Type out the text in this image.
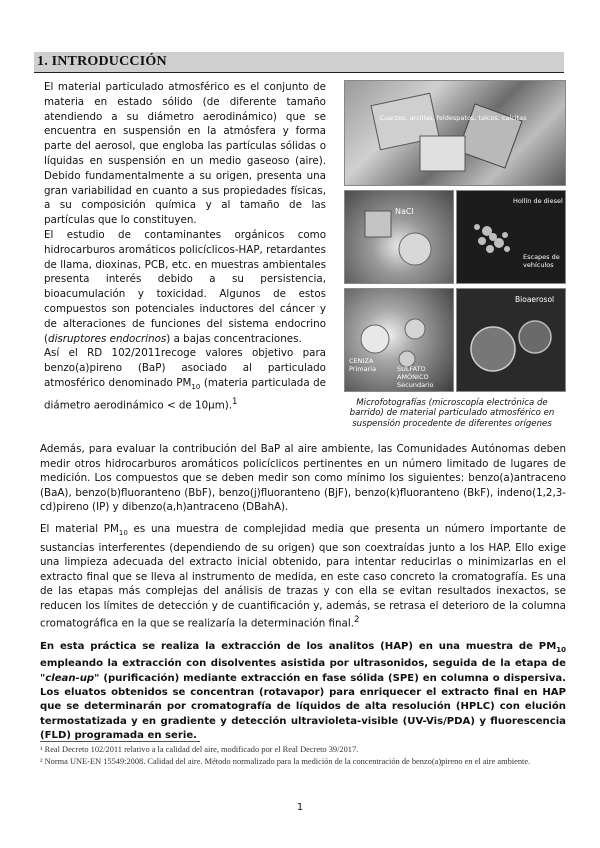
1. INTRODUCCIÓN

El material particulado atmosférico es el conjunto de materia en estado sólido (de diferente tamaño atendiendo a su diámetro aerodinámico) que se encuentra en suspensión en la atmósfera y forma parte del aerosol, que engloba las partículas sólidas o líquidas en suspensión en un medio gaseoso (aire). Debido fundamentalmente a su origen, presenta una gran variabilidad en cuanto a sus propiedades físicas, a su composición química y al tamaño de las partículas que lo constituyen.

El estudio de contaminantes orgánicos como hidrocarburos aromáticos policíclicos-HAP, retardantes de llama, dioxinas, PCB, etc. en muestras ambientales presenta interés debido a su persistencia, bioacumulación y toxicidad. Algunos de estos compuestos son potenciales inductores del cáncer y de alteraciones de funciones del sistema endocrino (disruptores endocrinos) a bajas concentraciones.

Así el RD 102/2011recoge valores objetivo para benzo(a)pireno (BaP) asociado al particulado atmosférico denominado $PM_{10}$ (materia particulada de diámetro aerodinámico < de 10μm).$^1$

Cuarzos, arcillas, feldespatos, talcos, calcitas
NaCl
Hollín de diesel
Escapes de vehículos
CENIZA Primaria	SULFATO AMÓNICO Secundario
Bioaerosol
Microfotografías (microscopía electrónica de barrido) de material particulado atmosférico en suspensión procedente de diferentes orígenes
Además, para evaluar la contribución del BaP al aire ambiente, las Comunidades Autónomas deben medir otros hidrocarburos aromáticos policíclicos pertinentes en un número limitado de lugares de medición. Los compuestos que se deben medir son como mínimo los siguientes: benzo(a)antraceno (BaA), benzo(b)fluoranteno (BbF), benzo(j)fluoranteno (BjF), benzo(k)fluoranteno (BkF), indeno(1,2,3-cd)pireno (IP) y dibenzo(a,h)antraceno (DBahA).

El material $PM_{10}$ es una muestra de complejidad media que presenta un número importante de sustancias interferentes (dependiendo de su origen) que son coextraídas junto a los HAP. Ello exige una limpieza adecuada del extracto inicial obtenido, para intentar reducirlas o minimizarlas en el extracto final que se lleva al instrumento de medida, en este caso concreto la cromatografía. Es una de las etapas más complejas del análisis de trazas y con ella se evitan resultados inexactos, se reducen los límites de detección y de cuantificación y, además, se retrasa el deterioro de la columna cromatográfica en la que se realizaría la determinación final.$^2$

En esta práctica se realiza la extracción de los analitos (HAP) en una muestra de $PM_{10}$ empleando la extracción con disolventes asistida por ultrasonidos, seguida de la etapa de "clean-up" (purificación) mediante extracción en fase sólida (SPE) en columna o dispersiva. Los eluatos obtenidos se concentran (rotavapor) para enriquecer el extracto final en HAP que se determinarán por cromatografía de líquidos de alta resolución (HPLC) con elución termostatizada y en gradiente y detección ultravioleta-visible (UV-Vis/PDA) y fluorescencia (FLD) programada en serie.

¹ Real Decreto 102/2011 relativo a la calidad del aire, modificado por el Real Decreto 39/2017.
² Norma UNE-EN 15549:2008. Calidad del aire. Método normalizado para la medición de la concentración de benzo(a)pireno en el aire ambiente.
1
